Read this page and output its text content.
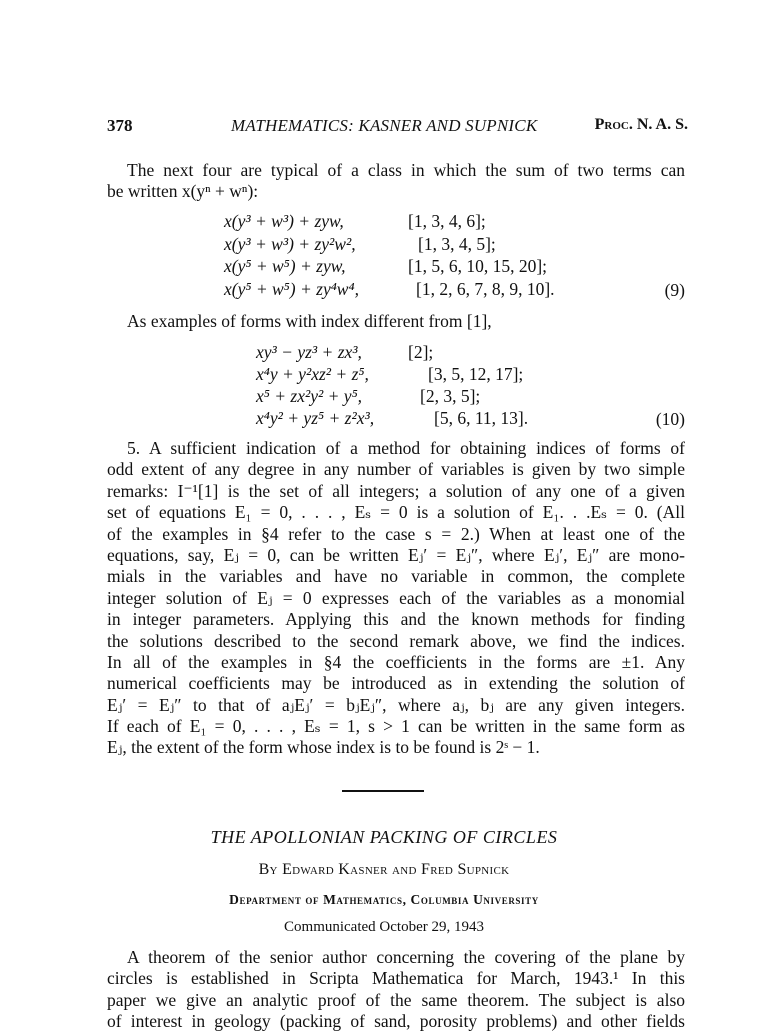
378	MATHEMATICS: KASNER AND SUPNICK	Proc. N. A. S.
The next four are typical of a class in which the sum of two terms can
be written x(yⁿ + wⁿ):
x(y³ + w³) + zyw,	[1, 3, 4, 6];
x(y³ + w³) + zy²w²,	[1, 3, 4, 5];
x(y⁵ + w⁵) + zyw,	[1, 5, 6, 10, 15, 20];
x(y⁵ + w⁵) + zy⁴w⁴,	[1, 2, 6, 7, 8, 9, 10].	(9)
As examples of forms with index different from [1],
xy³ − yz³ + zx³,	[2];
x⁴y + y²xz² + z⁵,	[3, 5, 12, 17];
x⁵ + zx²y² + y⁵,	[2, 3, 5];
x⁴y² + yz⁵ + z²x³,	[5, 6, 11, 13].	(10)
5. A sufficient indication of a method for obtaining indices of forms of
odd extent of any degree in any number of variables is given by two simple
remarks: I⁻¹[1] is the set of all integers; a solution of any one of a given
set of equations E₁ = 0, . . . , Eₛ = 0 is a solution of E₁. . .Eₛ = 0. (All
of the examples in §4 refer to the case s = 2.) When at least one of the
equations, say, Eⱼ = 0, can be written Eⱼ′ = Eⱼ″, where Eⱼ′, Eⱼ″ are mono-
mials in the variables and have no variable in common, the complete
integer solution of Eⱼ = 0 expresses each of the variables as a monomial
in integer parameters. Applying this and the known methods for finding
the solutions described to the second remark above, we find the indices.
In all of the examples in §4 the coefficients in the forms are ±1. Any
numerical coefficients may be introduced as in extending the solution of
Eⱼ′ = Eⱼ″ to that of aⱼEⱼ′ = bⱼEⱼ″, where aⱼ, bⱼ are any given integers.
If each of E₁ = 0, . . . , Eₛ = 1, s > 1 can be written in the same form as
Eⱼ, the extent of the form whose index is to be found is 2ˢ − 1.
THE APOLLONIAN PACKING OF CIRCLES
By Edward Kasner and Fred Supnick
Department of Mathematics, Columbia University
Communicated October 29, 1943
A theorem of the senior author concerning the covering of the plane by
circles is established in Scripta Mathematica for March, 1943.¹ In this
paper we give an analytic proof of the same theorem. The subject is also
of interest in geology (packing of sand, porosity problems) and other fields
